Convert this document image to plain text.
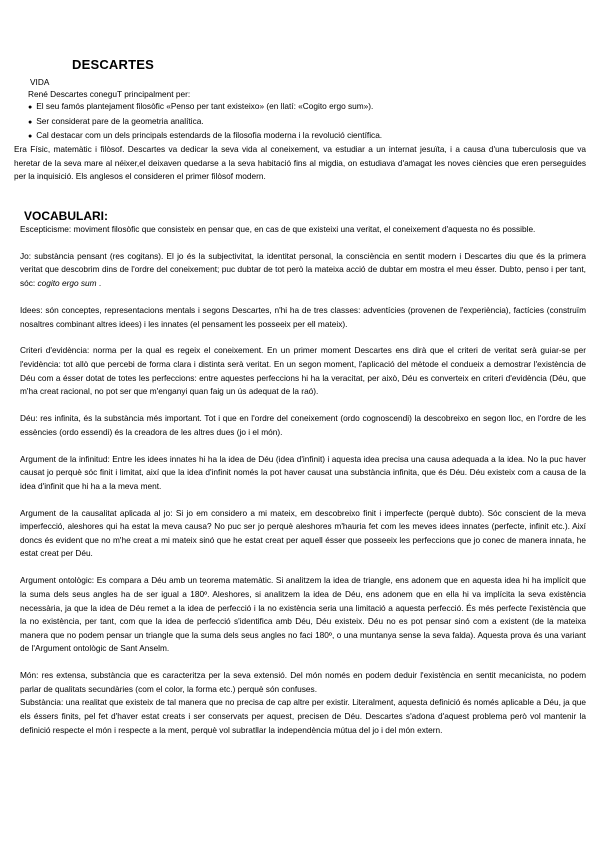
DESCARTES
VIDA
René Descartes coneguT principalment per:
● El seu famós plantejament filosòfic «Penso per tant existeixo» (en llatí: «Cogito ergo sum»).
● Ser considerat pare de la geometria analítica.
● Cal destacar com un dels principals estendards de la filosofia moderna i la revolució científica.
Era Físic, matemàtic i filòsof. Descartes va dedicar la seva vida al coneixement, va estudiar a un internat jesuïta, i a causa d'una tuberculosis que va heretar de la seva mare al néixer,el deixaven quedarse a la seva habitació fins al migdia, on estudiava d'amagat les noves ciències que eren perseguides per la inquisició. Els anglesos el consideren el primer filòsof modern.
VOCABULARI:

Escepticisme: moviment filosòfic que consisteix en pensar que, en cas de que existeixi una veritat, el coneixement d'aquesta no és possible.

Jo: substància pensant (res cogitans). El jo és la subjectivitat, la identitat personal, la consciència en sentit modern i Descartes diu que és la primera veritat que descobrim dins de l'ordre del coneixement; puc dubtar de tot però la mateixa acció de dubtar em mostra el meu ésser. Dubto, penso i per tant, sóc: cogito ergo sum .

Idees: són conceptes, representacions mentals i segons Descartes, n'hi ha de tres classes: adventícies (provenen de l'experiència), factícies (construïm nosaltres combinant altres idees) i les innates (el pensament les posseeix per ell mateix).

Criteri d'evidència: norma per la qual es regeix el coneixement. En un primer moment Descartes ens dirà que el criteri de veritat serà guiar-se per l'evidència: tot allò que percebi de forma clara i distinta serà veritat. En un segon moment, l'aplicació del mètode el condueix a demostrar l'existència de Déu com a ésser dotat de totes les perfeccions: entre aquestes perfeccions hi ha la veracitat, per això, Déu es converteix en criteri d'evidència (Déu, que m'ha creat racional, no pot ser que m'enganyi quan faig un ús adequat de la raó).

Déu: res infinita, és la substància més important. Tot i que en l'ordre del coneixement (ordo cognoscendi) la descobreixo en segon lloc, en l'ordre de les essències (ordo essendi) és la creadora de les altres dues (jo i el món).

Argument de la infinitud: Entre les idees innates hi ha la idea de Déu (idea d'infinit) i aquesta idea precisa una causa adequada a la idea. No la puc haver causat jo perquè sóc finit i limitat, així que la idea d'infinit només la pot haver causat una substància infinita, que és Déu. Déu existeix com a causa de la idea d'infinit que hi ha a la meva ment.

Argument de la causalitat aplicada al jo: Si jo em considero a mi mateix, em descobreixo finit i imperfecte (perquè dubto). Sóc conscient de la meva imperfecció, aleshores qui ha estat la meva causa? No puc ser jo perquè aleshores m'hauria fet com les meves idees innates (perfecte, infinit etc.). Així doncs és evident que no m'he creat a mi mateix sinó que he estat creat per aquell ésser que posseeix les perfeccions que jo conec de manera innata, he estat creat per Déu.

Argument ontològic: Es compara a Déu amb un teorema matemàtic. Si analitzem la idea de triangle, ens adonem que en aquesta idea hi ha implícit que la suma dels seus angles ha de ser igual a 180º. Aleshores, si analitzem la idea de Déu, ens adonem que en ella hi va implícita la seva existència necessària, ja que la idea de Déu remet a la idea de perfecció i la no existència seria una limitació a aquesta perfecció. És més perfecte l'existència que la no existència, per tant, com que la idea de perfecció s'identifica amb Déu, Déu existeix. Déu no es pot pensar sinó com a existent (de la mateixa manera que no podem pensar un triangle que la suma dels seus angles no faci 180º, o una muntanya sense la seva falda). Aquesta prova és una variant de l'Argument ontològic de Sant Anselm.

Món: res extensa, substància que es caracteritza per la seva extensió. Del món només en podem deduir l'existència en sentit mecanicista, no podem parlar de qualitats secundàries (com el color, la forma etc.) perquè són confuses.

Substància: una realitat que existeix de tal manera que no precisa de cap altre per existir. Literalment, aquesta definició és només aplicable a Déu, ja que els éssers finits, pel fet d'haver estat creats i ser conservats per aquest, precisen de Déu. Descartes s'adona d'aquest problema però vol mantenir la definició respecte el món i respecte a la ment, perquè vol subratllar la independència mútua del jo i del món extern.
